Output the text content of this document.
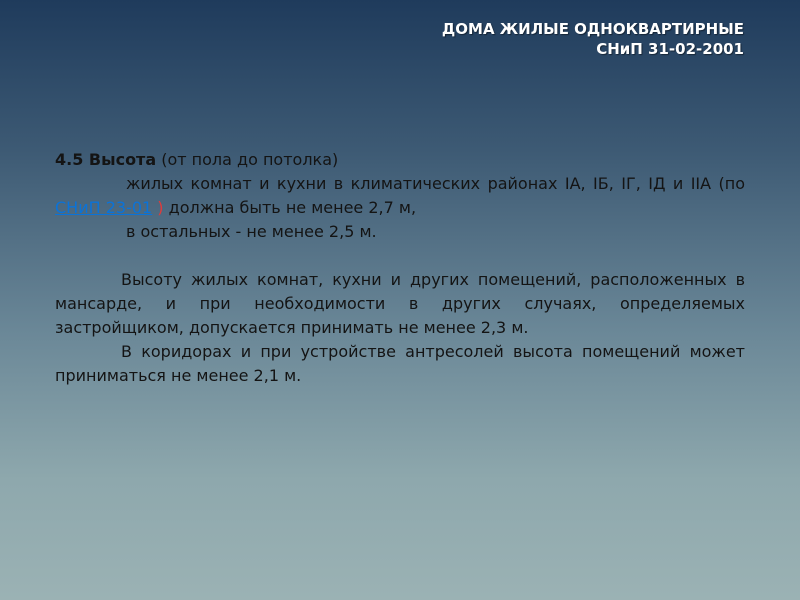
ДОМА ЖИЛЫЕ ОДНОКВАРТИРНЫЕ
СНиП 31-02-2001

4.5 Высота (от пола до потолка)

жилых комнат и кухни в климатических районах IА, IБ, IГ, IД и IIА (по СНиП 23-01 ) должна быть не менее 2,7 м,

в остальных - не менее 2,5 м.

Высоту жилых комнат, кухни и других помещений, расположенных в мансарде, и при необходимости в других случаях, определяемых застройщиком, допускается принимать не менее 2,3 м.

В коридорах и при устройстве антресолей высота помещений может приниматься не менее 2,1 м.
